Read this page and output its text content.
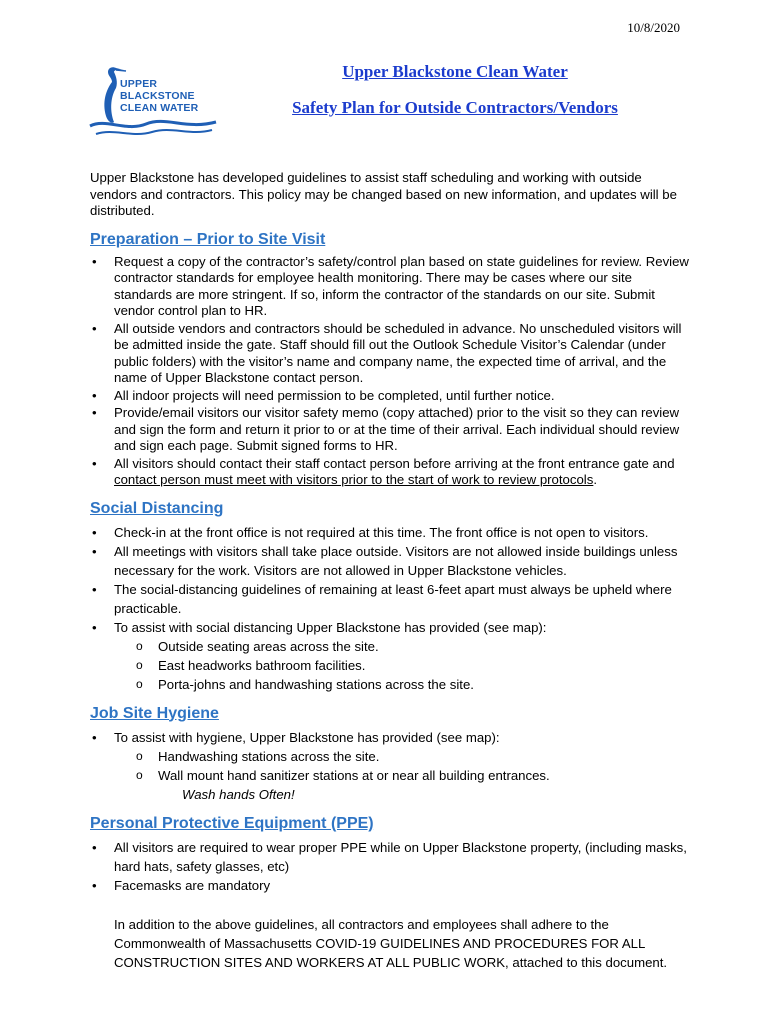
10/8/2020
UPPER
BLACKSTONE
CLEAN WATER
Upper Blackstone Clean Water
Safety Plan for Outside Contractors/Vendors

Upper Blackstone has developed guidelines to assist staff scheduling and working with outside vendors and contractors. This policy may be changed based on new information, and updates will be distributed.

Preparation – Prior to Site Visit
• Request a copy of the contractor’s safety/control plan based on state guidelines for review. Review contractor standards for employee health monitoring. There may be cases where our site standards are more stringent. If so, inform the contractor of the standards on our site. Submit vendor control plan to HR.
• All outside vendors and contractors should be scheduled in advance. No unscheduled visitors will be admitted inside the gate. Staff should fill out the Outlook Schedule Visitor’s Calendar (under public folders) with the visitor’s name and company name, the expected time of arrival, and the name of Upper Blackstone contact person.
• All indoor projects will need permission to be completed, until further notice.
• Provide/email visitors our visitor safety memo (copy attached) prior to the visit so they can review and sign the form and return it prior to or at the time of their arrival. Each individual should review and sign each page. Submit signed forms to HR.
• All visitors should contact their staff contact person before arriving at the front entrance gate and contact person must meet with visitors prior to the start of work to review protocols.
Social Distancing
• Check-in at the front office is not required at this time. The front office is not open to visitors.
• All meetings with visitors shall take place outside. Visitors are not allowed inside buildings unless necessary for the work. Visitors are not allowed in Upper Blackstone vehicles.
• The social-distancing guidelines of remaining at least 6-feet apart must always be upheld where practicable.
• To assist with social distancing Upper Blackstone has provided (see map):
o Outside seating areas across the site.
o East headworks bathroom facilities.
o Porta-johns and handwashing stations across the site.
Job Site Hygiene
• To assist with hygiene, Upper Blackstone has provided (see map):
o Handwashing stations across the site.
o Wall mount hand sanitizer stations at or near all building entrances.
Wash hands Often!
Personal Protective Equipment (PPE)
• All visitors are required to wear proper PPE while on Upper Blackstone property, (including masks, hard hats, safety glasses, etc)
• Facemasks are mandatory

In addition to the above guidelines, all contractors and employees shall adhere to the Commonwealth of Massachusetts COVID-19 GUIDELINES AND PROCEDURES FOR ALL CONSTRUCTION SITES AND WORKERS AT ALL PUBLIC WORK, attached to this document.
